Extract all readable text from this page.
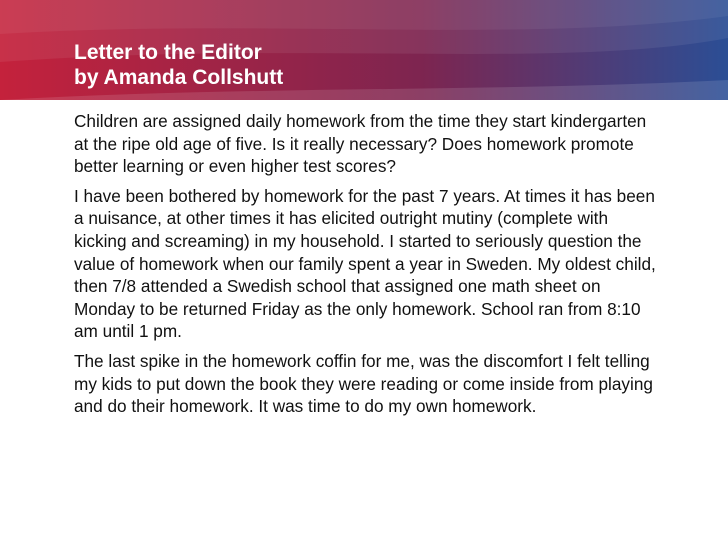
Letter to the Editor
by Amanda Collshutt

Children are assigned daily homework from the time they start kindergarten at the ripe old age of five. Is it really necessary? Does homework promote better learning or even higher test scores?

I have been bothered by homework for the past 7 years. At times it has been a nuisance, at other times it has elicited outright mutiny (complete with kicking and screaming) in my household. I started to seriously question the value of homework when our family spent a year in Sweden. My oldest child, then 7/8 attended a Swedish school that assigned one math sheet on Monday to be returned Friday as the only homework. School ran from 8:10 am until 1 pm.

The last spike in the homework coffin for me, was the discomfort I felt telling my kids to put down the book they were reading or come inside from playing and do their homework. It was time to do my own homework.
